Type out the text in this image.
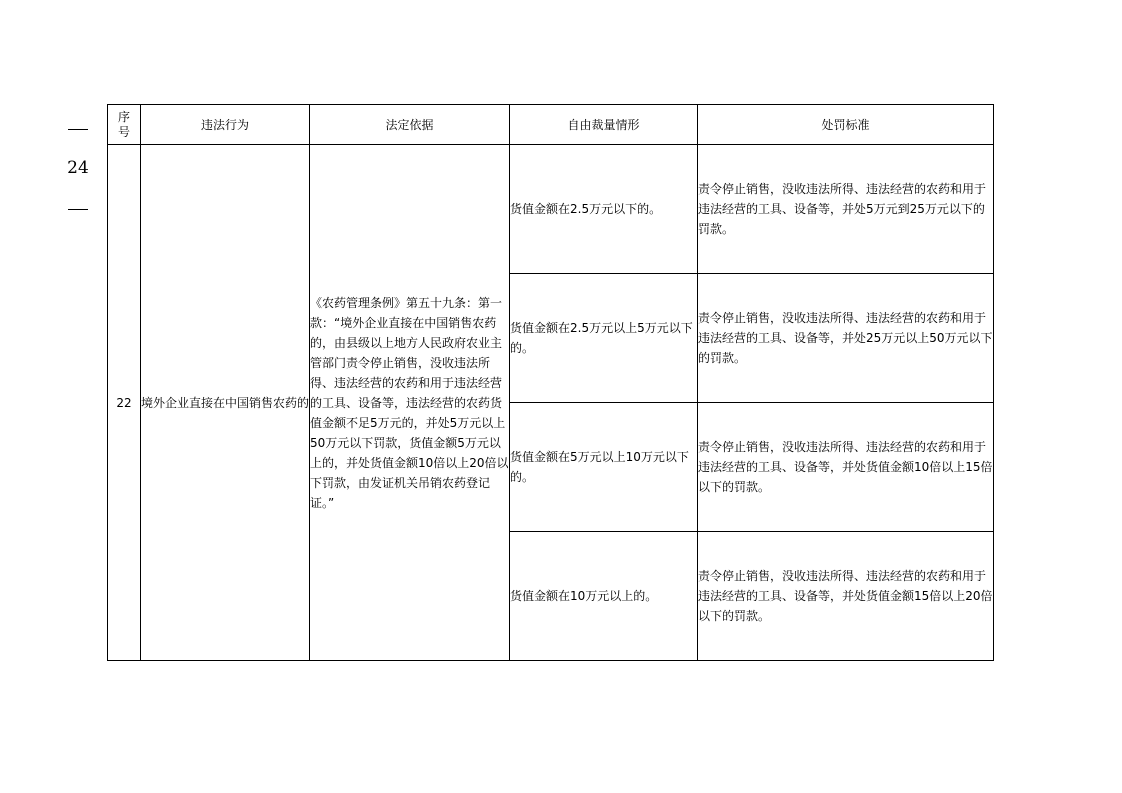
24
序号	违法行为	法定依据	自由裁量情形	处罚标准
22	境外企业直接在中国销售农药的	《农药管理条例》第五十九条：第一款：“境外企业直接在中国销售农药的，由县级以上地方人民政府农业主管部门责令停止销售，没收违法所得、违法经营的农药和用于违法经营的工具、设备等，违法经营的农药货值金额不足5万元的，并处5万元以上50万元以下罚款，货值金额5万元以上的，并处货值金额10倍以上20倍以下罚款，由发证机关吊销农药登记证。”	货值金额在2.5万元以下的。	责令停止销售，没收违法所得、违法经营的农药和用于违法经营的工具、设备等，并处5万元到25万元以下的罚款。
			货值金额在2.5万元以上5万元以下的。	责令停止销售，没收违法所得、违法经营的农药和用于违法经营的工具、设备等，并处25万元以上50万元以下的罚款。
			货值金额在5万元以上10万元以下的。	责令停止销售，没收违法所得、违法经营的农药和用于违法经营的工具、设备等，并处货值金额10倍以上15倍以下的罚款。
			货值金额在10万元以上的。	责令停止销售，没收违法所得、违法经营的农药和用于违法经营的工具、设备等，并处货值金额15倍以上20倍以下的罚款。
